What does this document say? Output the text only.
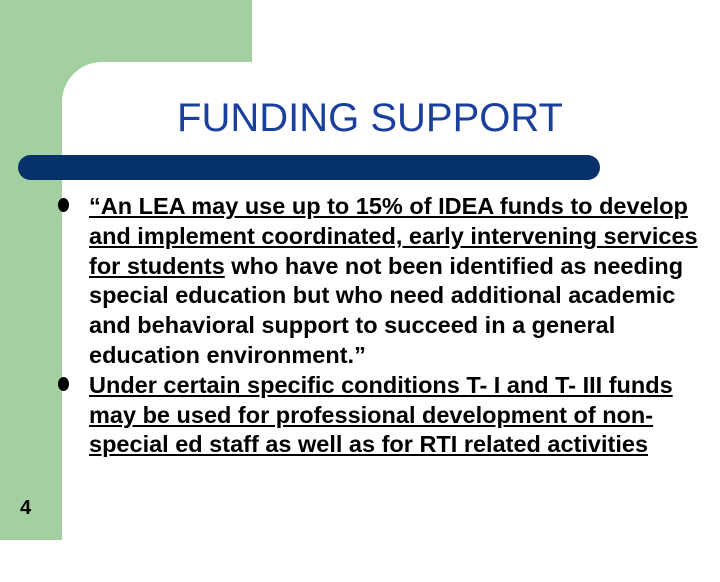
FUNDING SUPPORT
“An LEA may use up to 15% of IDEA funds to develop and implement coordinated, early intervening services for students who have not been identified as needing special education but who need additional academic and behavioral support to succeed in a general education environment.”
Under certain specific conditions T- I and T- III funds may be used for professional development of non-special ed staff as well as for RTI related activities
4
